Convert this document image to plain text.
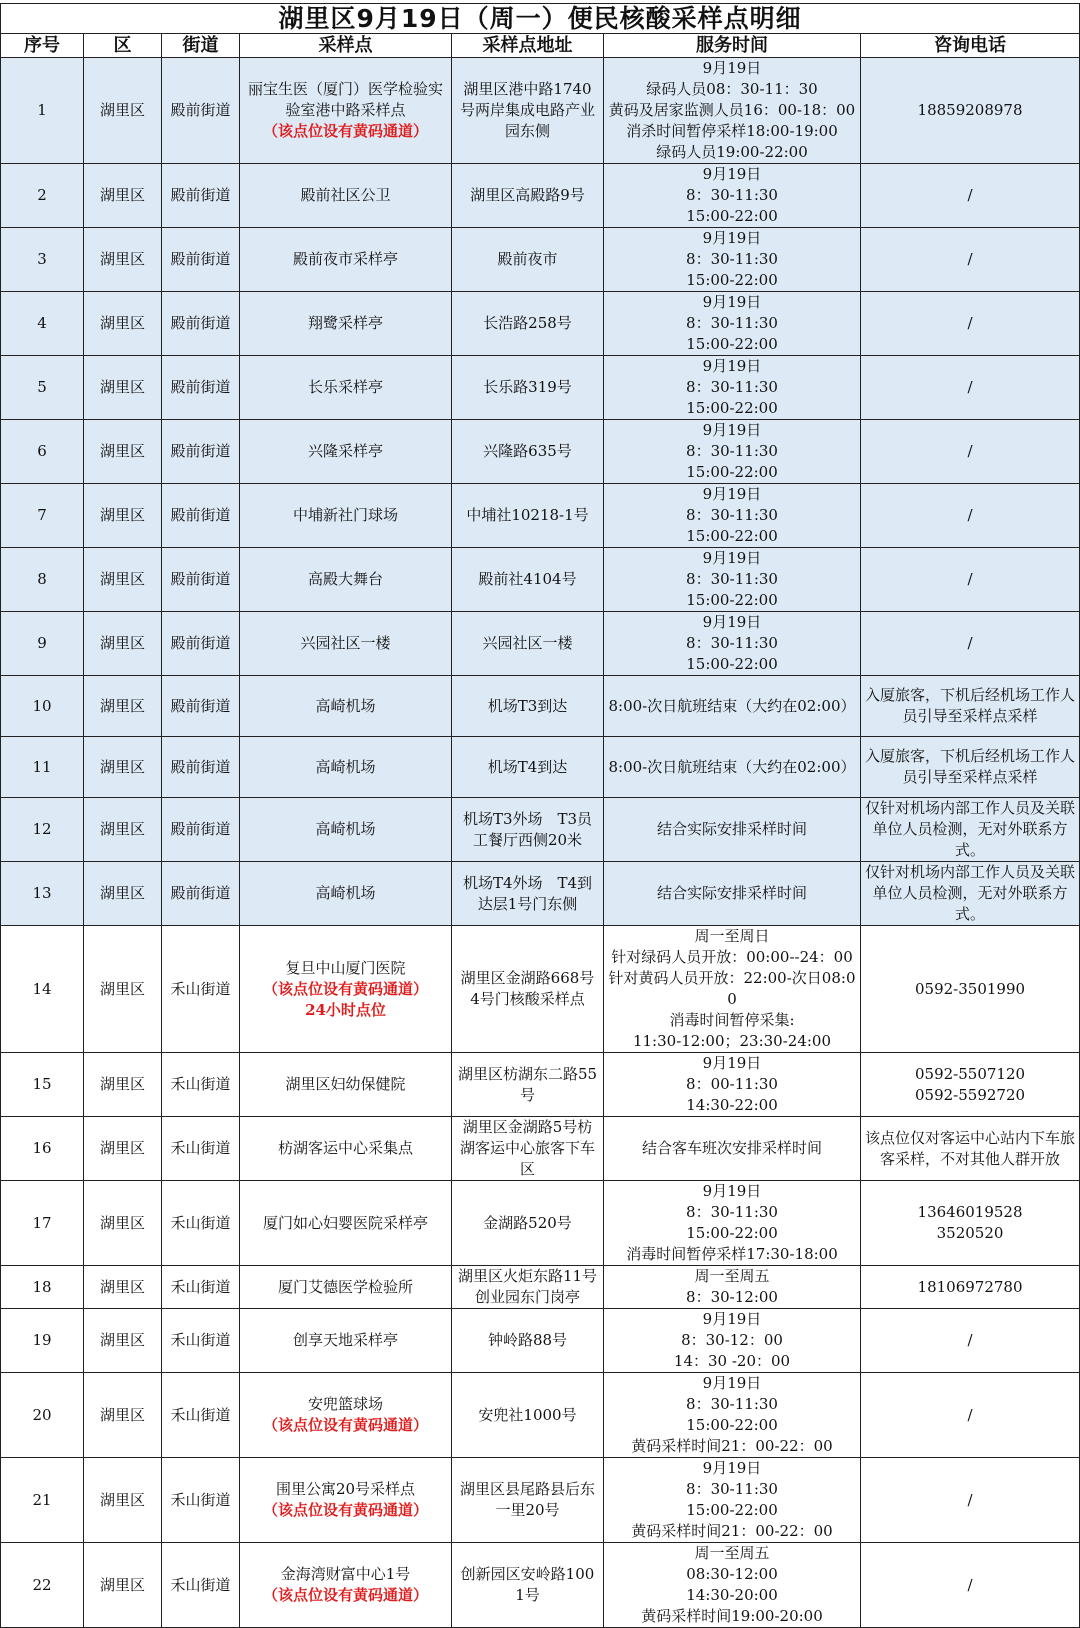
湖里区9月19日（周一）便民核酸采样点明细						
序号	区	街道	采样点	采样点地址	服务时间	咨询电话
1	湖里区	殿前街道	丽宝生医（厦门）医学检验实验室港中路采样点
（该点位设有黄码通道）	湖里区港中路1740号两岸集成电路产业园东侧	9月19日
绿码人员08：30-11：30
黄码及居家监测人员16：00-18：00
消杀时间暂停采样18:00-19:00
绿码人员19:00-22:00	18859208978
2	湖里区	殿前街道	殿前社区公卫	湖里区高殿路9号	9月19日
8：30-11:30
15:00-22:00	/
3	湖里区	殿前街道	殿前夜市采样亭	殿前夜市	9月19日
8：30-11:30
15:00-22:00	/
4	湖里区	殿前街道	翔鹭采样亭	长浩路258号	9月19日
8：30-11:30
15:00-22:00	/
5	湖里区	殿前街道	长乐采样亭	长乐路319号	9月19日
8：30-11:30
15:00-22:00	/
6	湖里区	殿前街道	兴隆采样亭	兴隆路635号	9月19日
8：30-11:30
15:00-22:00	/
7	湖里区	殿前街道	中埔新社门球场	中埔社10218-1号	9月19日
8：30-11:30
15:00-22:00	/
8	湖里区	殿前街道	高殿大舞台	殿前社4104号	9月19日
8：30-11:30
15:00-22:00	/
9	湖里区	殿前街道	兴园社区一楼	兴园社区一楼	9月19日
8：30-11:30
15:00-22:00	/
10	湖里区	殿前街道	高崎机场	机场T3到达	8:00-次日航班结束（大约在02:00）	入厦旅客，下机后经机场工作人员引导至采样点采样
11	湖里区	殿前街道	高崎机场	机场T4到达	8:00-次日航班结束（大约在02:00）	入厦旅客，下机后经机场工作人员引导至采样点采样
12	湖里区	殿前街道	高崎机场	机场T3外场　T3员工餐厅西侧20米	结合实际安排采样时间	仅针对机场内部工作人员及关联单位人员检测，无对外联系方式。
13	湖里区	殿前街道	高崎机场	机场T4外场　T4到达层1号门东侧	结合实际安排采样时间	仅针对机场内部工作人员及关联单位人员检测，无对外联系方式。
14	湖里区	禾山街道	复旦中山厦门医院
（该点位设有黄码通道）
24小时点位	湖里区金湖路668号4号门核酸采样点	周一至周日
针对绿码人员开放：00:00--24：00
针对黄码人员开放：22:00-次日08:00
消毒时间暂停采集:
11:30-12:00；23:30-24:00	0592-3501990
15	湖里区	禾山街道	湖里区妇幼保健院	湖里区枋湖东二路55号	9月19日
8：00-11:30
14:30-22:00	0592-5507120
0592-5592720

16	湖里区	禾山街道	枋湖客运中心采集点	湖里区金湖路5号枋湖客运中心旅客下车区	结合客车班次安排采样时间	该点位仅对客运中心站内下车旅客采样，不对其他人群开放
17	湖里区	禾山街道	厦门如心妇婴医院采样亭	金湖路520号	9月19日
8：30-11:30
15:00-22:00
消毒时间暂停采样17:30-18:00	13646019528
3520520

18	湖里区	禾山街道	厦门艾德医学检验所	湖里区火炬东路11号创业园东门岗亭	周一至周五
8：30-12:00	18106972780
19	湖里区	禾山街道	创享天地采样亭	钟岭路88号	9月19日
8：30-12：00
14：30 -20：00	/
20	湖里区	禾山街道	安兜篮球场
（该点位设有黄码通道）	安兜社1000号	9月19日
8：30-11:30
15:00-22:00
黄码采样时间21：00-22：00	/
21	湖里区	禾山街道	围里公寓20号采样点
（该点位设有黄码通道）	湖里区县尾路县后东一里20号	9月19日
8：30-11:30
15:00-22:00
黄码采样时间21：00-22：00	/
22	湖里区	禾山街道	金海湾财富中心1号
（该点位设有黄码通道）	创新园区安岭路1001号	周一至周五
08:30-12:00
14:30-20:00
黄码采样时间19:00-20:00	/
